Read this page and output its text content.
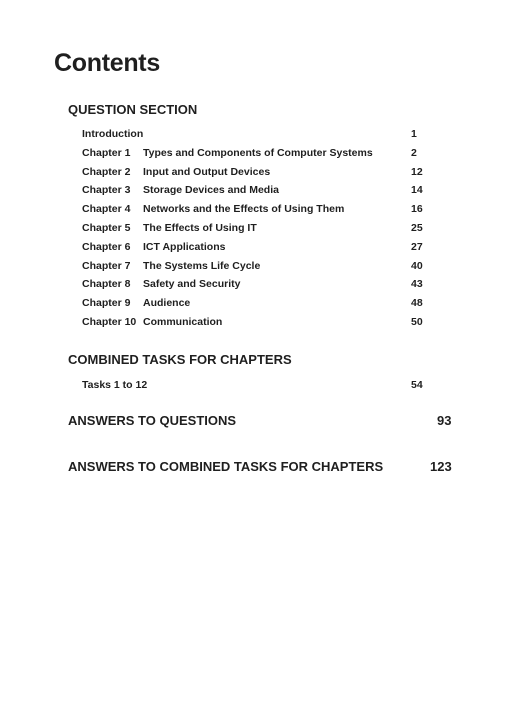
Contents
QUESTION SECTION
Introduction	1
Chapter 1 Types and Components of Computer Systems	2
Chapter 2 Input and Output Devices	12
Chapter 3 Storage Devices and Media	14
Chapter 4 Networks and the Effects of Using Them	16
Chapter 5 The Effects of Using IT	25
Chapter 6 ICT Applications	27
Chapter 7 The Systems Life Cycle	40
Chapter 8 Safety and Security	43
Chapter 9 Audience	48
Chapter 10 Communication	50
COMBINED TASKS FOR CHAPTERS
Tasks 1 to 12	54
ANSWERS TO QUESTIONS	93
ANSWERS TO COMBINED TASKS FOR CHAPTERS	123
